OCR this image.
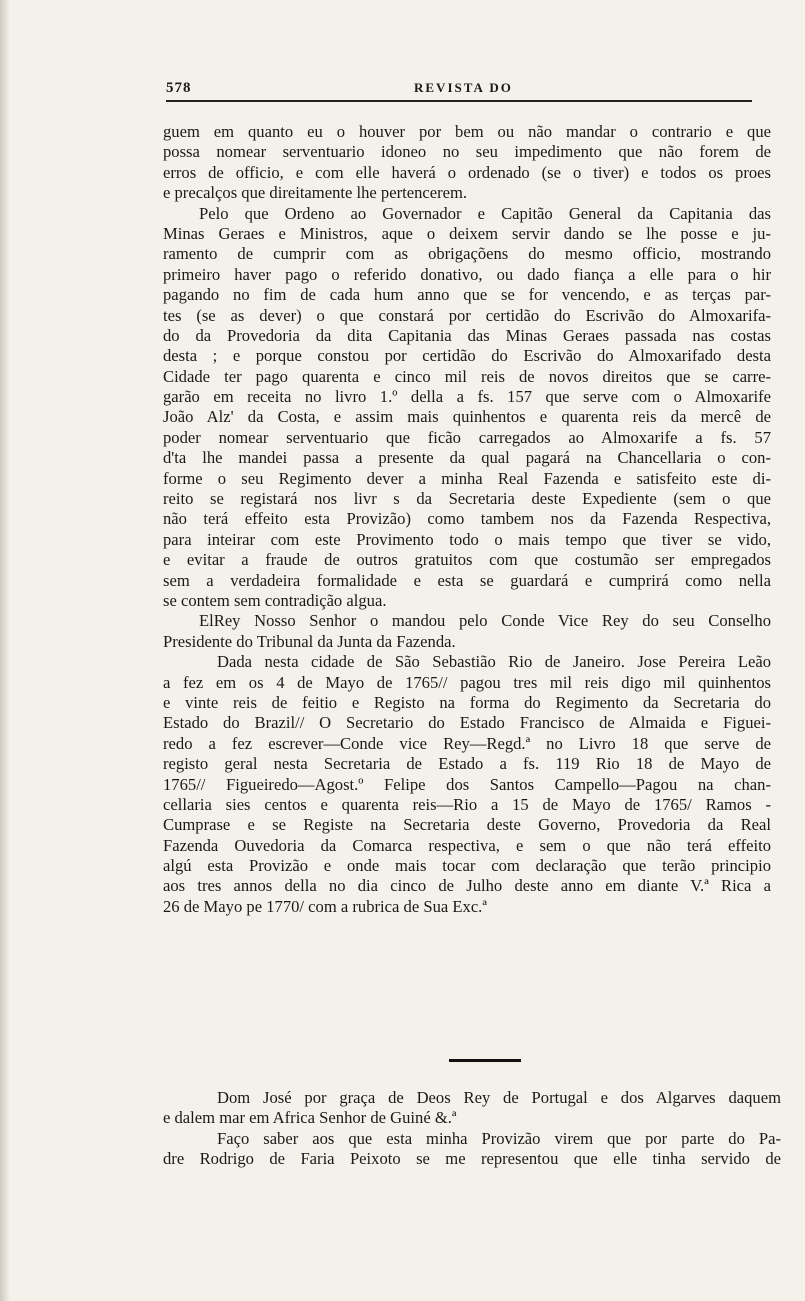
578	REVISTA DO
guem em quanto eu o houver por bem ou não mandar o contrario e que
possa nomear serventuario idoneo no seu impedimento que não forem de
erros de officio, e com elle haverá o ordenado (se o tiver) e todos os proes
e precalços que direitamente lhe pertencerem.
Pelo que Ordeno ao Governador e Capitão General da Capitania das
Minas Geraes e Ministros, aque o deixem servir dando se lhe posse e ju-
ramento de cumprir com as obrigaçõens do mesmo officio, mostrando
primeiro haver pago o referido donativo, ou dado fiança a elle para o hir
pagando no fim de cada hum anno que se for vencendo, e as terças par-
tes (se as dever) o que constará por certidão do Escrivão do Almoxarifa-
do da Provedoria da dita Capitania das Minas Geraes passada nas costas
desta ; e porque constou por certidão do Escrivão do Almoxarifado desta
Cidade ter pago quarenta e cinco mil reis de novos direitos que se carre-
garão em receita no livro 1.º della a fs. 157 que serve com o Almoxarife
João Alz' da Costa, e assim mais quinhentos e quarenta reis da mercê de
poder nomear serventuario que ficão carregados ao Almoxarife a fs. 57
d'ta lhe mandei passa a presente da qual pagará na Chancellaria o con-
forme o seu Regimento dever a minha Real Fazenda e satisfeito este di-
reito se registará nos livr s da Secretaria deste Expediente (sem o que
não terá effeito esta Provizão) como tambem nos da Fazenda Respectiva,
para inteirar com este Provimento todo o mais tempo que tiver se vido,
e evitar a fraude de outros gratuitos com que costumão ser empregados
sem a verdadeira formalidade e esta se guardará e cumprirá como nella
se contem sem contradição algua.
ElRey Nosso Senhor o mandou pelo Conde Vice Rey do seu Conselho
Presidente do Tribunal da Junta da Fazenda.
Dada nesta cidade de São Sebastião Rio de Janeiro. Jose Pereira Leão
a fez em os 4 de Mayo de 1765// pagou tres mil reis digo mil quinhentos
e vinte reis de feitio e Registo na forma do Regimento da Secretaria do
Estado do Brazil// O Secretario do Estado Francisco de Almaida e Figuei-
redo a fez escrever—Conde vice Rey—Regd.ª no Livro 18 que serve de
registo geral nesta Secretaria de Estado a fs. 119 Rio 18 de Mayo de
1765// Figueiredo—Agost.º Felipe dos Santos Campello—Pagou na chan-
cellaria sies centos e quarenta reis—Rio a 15 de Mayo de 1765/ Ramos -
Cumprase e se Registe na Secretaria deste Governo, Provedoria da Real
Fazenda Ouvedoria da Comarca respectiva, e sem o que não terá effeito
algú esta Provizão e onde mais tocar com declaração que terão principio
aos tres annos della no dia cinco de Julho deste anno em diante V.ª Rica a
26 de Mayo pe 1770/ com a rubrica de Sua Exc.ª
Dom José por graça de Deos Rey de Portugal e dos Algarves daquem
e dalem mar em Africa Senhor de Guiné &.ª
Faço saber aos que esta minha Provizão virem que por parte do Pa-
dre Rodrigo de Faria Peixoto se me representou que elle tinha servido de
